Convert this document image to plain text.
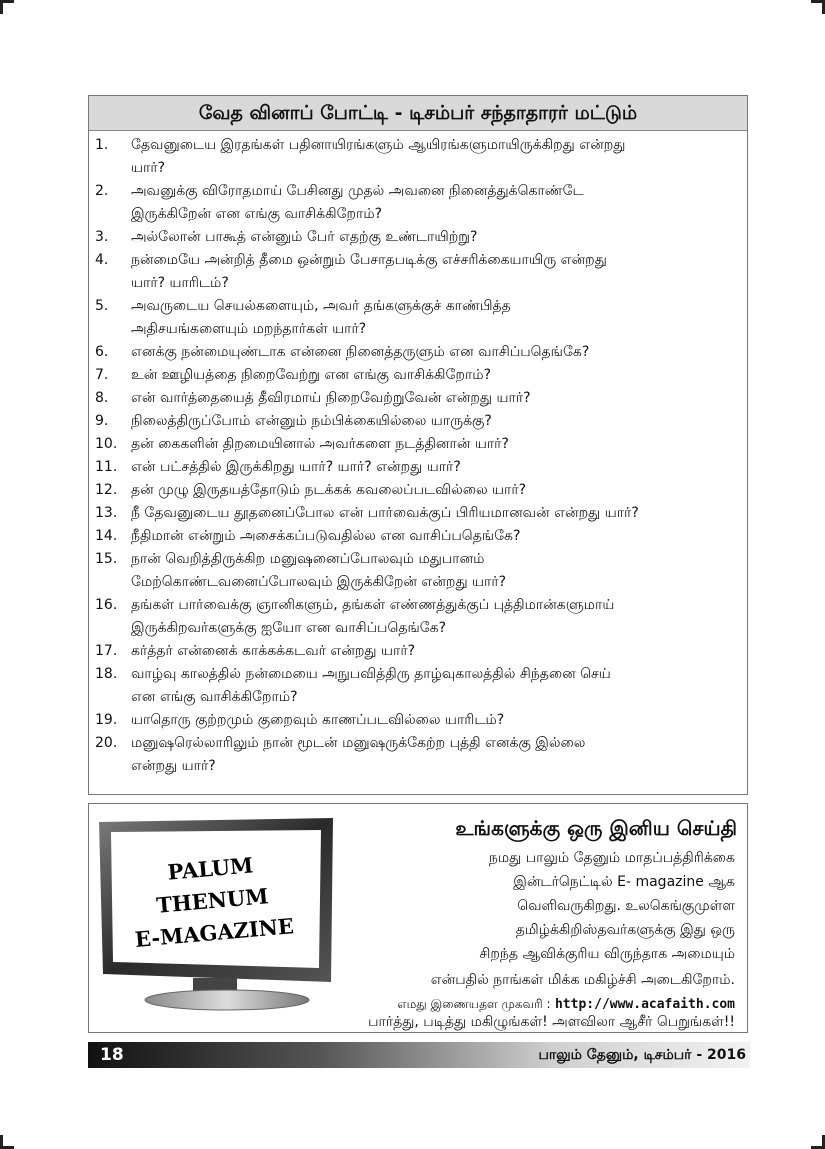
வேத வினாப் போட்டி - டிசம்பர் சந்தாதாரர் மட்டும்
1.	தேவனுடைய இரதங்கள் பதினாயிரங்களும் ஆயிரங்களுமாயிருக்கிறது என்றது
யார்?
2.	அவனுக்கு விரோதமாய் பேசினது முதல் அவனை நினைத்துக்கொண்டே
இருக்கிறேன் என எங்கு வாசிக்கிறோம்?
3.	அல்லோன் பாகூத் என்னும் பேர் எதற்கு உண்டாயிற்று?
4.	நன்மையே அன்றித் தீமை ஒன்றும் பேசாதபடிக்கு எச்சரிக்கையாயிரு என்றது
யார்? யாரிடம்?
5.	அவருடைய செயல்களையும், அவர் தங்களுக்குச் காண்பித்த
அதிசயங்களையும் மறந்தார்கள் யார்?
6.	எனக்கு நன்மையுண்டாக என்னை நினைத்தருளும் என வாசிப்பதெங்கே?
7.	உன் ஊழியத்தை நிறைவேற்று என எங்கு வாசிக்கிறோம்?
8.	என் வார்த்தையைத் தீவிரமாய் நிறைவேற்றுவேன் என்றது யார்?
9.	நிலைத்திருப்போம் என்னும் நம்பிக்கையில்லை யாருக்கு?
10. தன் கைகளின் திறமையினால் அவர்களை நடத்தினான் யார்?
11. என் பட்சத்தில் இருக்கிறது யார்? யார்? என்றது யார்?
12. தன் முழு இருதயத்தோடும் நடக்கக் கவலைப்படவில்லை யார்?
13. நீ தேவனுடைய தூதனைப்போல என் பார்வைக்குப் பிரியமானவன் என்றது யார்?
14. நீதிமான் என்றும் அசைக்கப்படுவதில்ல என வாசிப்பதெங்கே?
15. நான் வெறித்திருக்கிற மனுஷனைப்போலவும் மதுபானம்
மேற்கொண்டவனைப்போலவும் இருக்கிறேன் என்றது யார்?
16. தங்கள் பார்வைக்கு ஞானிகளும், தங்கள் எண்ணத்துக்குப் புத்திமான்களுமாய்
இருக்கிறவர்களுக்கு ஐயோ என வாசிப்பதெங்கே?
17. கர்த்தர் என்னைக் காக்கக்கடவர் என்றது யார்?
18. வாழ்வு காலத்தில் நன்மையை அநுபவித்திரு தாழ்வுகாலத்தில் சிந்தனை செய்
என எங்கு வாசிக்கிறோம்?
19. யாதொரு குற்றமும் குறைவும் காணப்படவில்லை யாரிடம்?
20. மனுஷரெல்லாரிலும் நான் மூடன் மனுஷருக்கேற்ற புத்தி எனக்கு இல்லை
என்றது யார்?
PALUM
THENUM
E-MAGAZINE
உங்களுக்கு ஒரு இனிய செய்தி
நமது பாலும் தேனும் மாதப்பத்திரிக்கை
இன்டர்நெட்டில் E- magazine ஆக
வெளிவருகிறது. உலகெங்குமுள்ள
தமிழ்க்கிறிஸ்தவர்களுக்கு இது ஒரு
சிறந்த ஆவிக்குரிய விருந்தாக அமையும்
என்பதில் நாங்கள் மிக்க மகிழ்ச்சி அடைகிறோம்.
எமது இணையதள முகவரி : http://www.acafaith.com
பார்த்து, படித்து மகிழுங்கள்! அளவிலா ஆசீர் பெறுங்கள்!!
18	பாலும் தேனும், டிசம்பர் - 2016
